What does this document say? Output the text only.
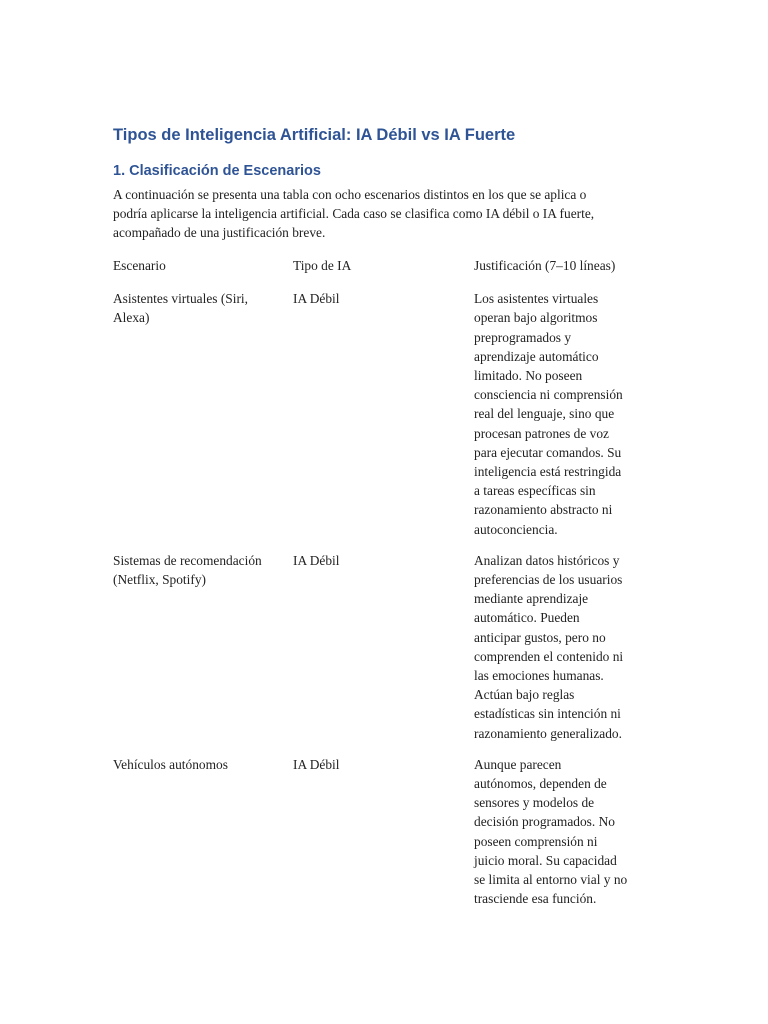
Tipos de Inteligencia Artificial: IA Débil vs IA Fuerte
1. Clasificación de Escenarios

A continuación se presenta una tabla con ocho escenarios distintos en los que se aplica o
podría aplicarse la inteligencia artificial. Cada caso se clasifica como IA débil o IA fuerte,
acompañado de una justificación breve.

Escenario	Tipo de IA	Justificación (7–10 líneas)
Asistentes virtuales (Siri,
Alexa)
IA Débil	Los asistentes virtuales
operan bajo algoritmos
preprogramados y
aprendizaje automático
limitado. No poseen
consciencia ni comprensión
real del lenguaje, sino que
procesan patrones de voz
para ejecutar comandos. Su
inteligencia está restringida
a tareas específicas sin
razonamiento abstracto ni
autoconciencia.
Sistemas de recomendación
(Netflix, Spotify)
IA Débil	Analizan datos históricos y
preferencias de los usuarios
mediante aprendizaje
automático. Pueden
anticipar gustos, pero no
comprenden el contenido ni
las emociones humanas.
Actúan bajo reglas
estadísticas sin intención ni
razonamiento generalizado.
Vehículos autónomos	IA Débil	Aunque parecen
autónomos, dependen de
sensores y modelos de
decisión programados. No
poseen comprensión ni
juicio moral. Su capacidad
se limita al entorno vial y no
trasciende esa función.
